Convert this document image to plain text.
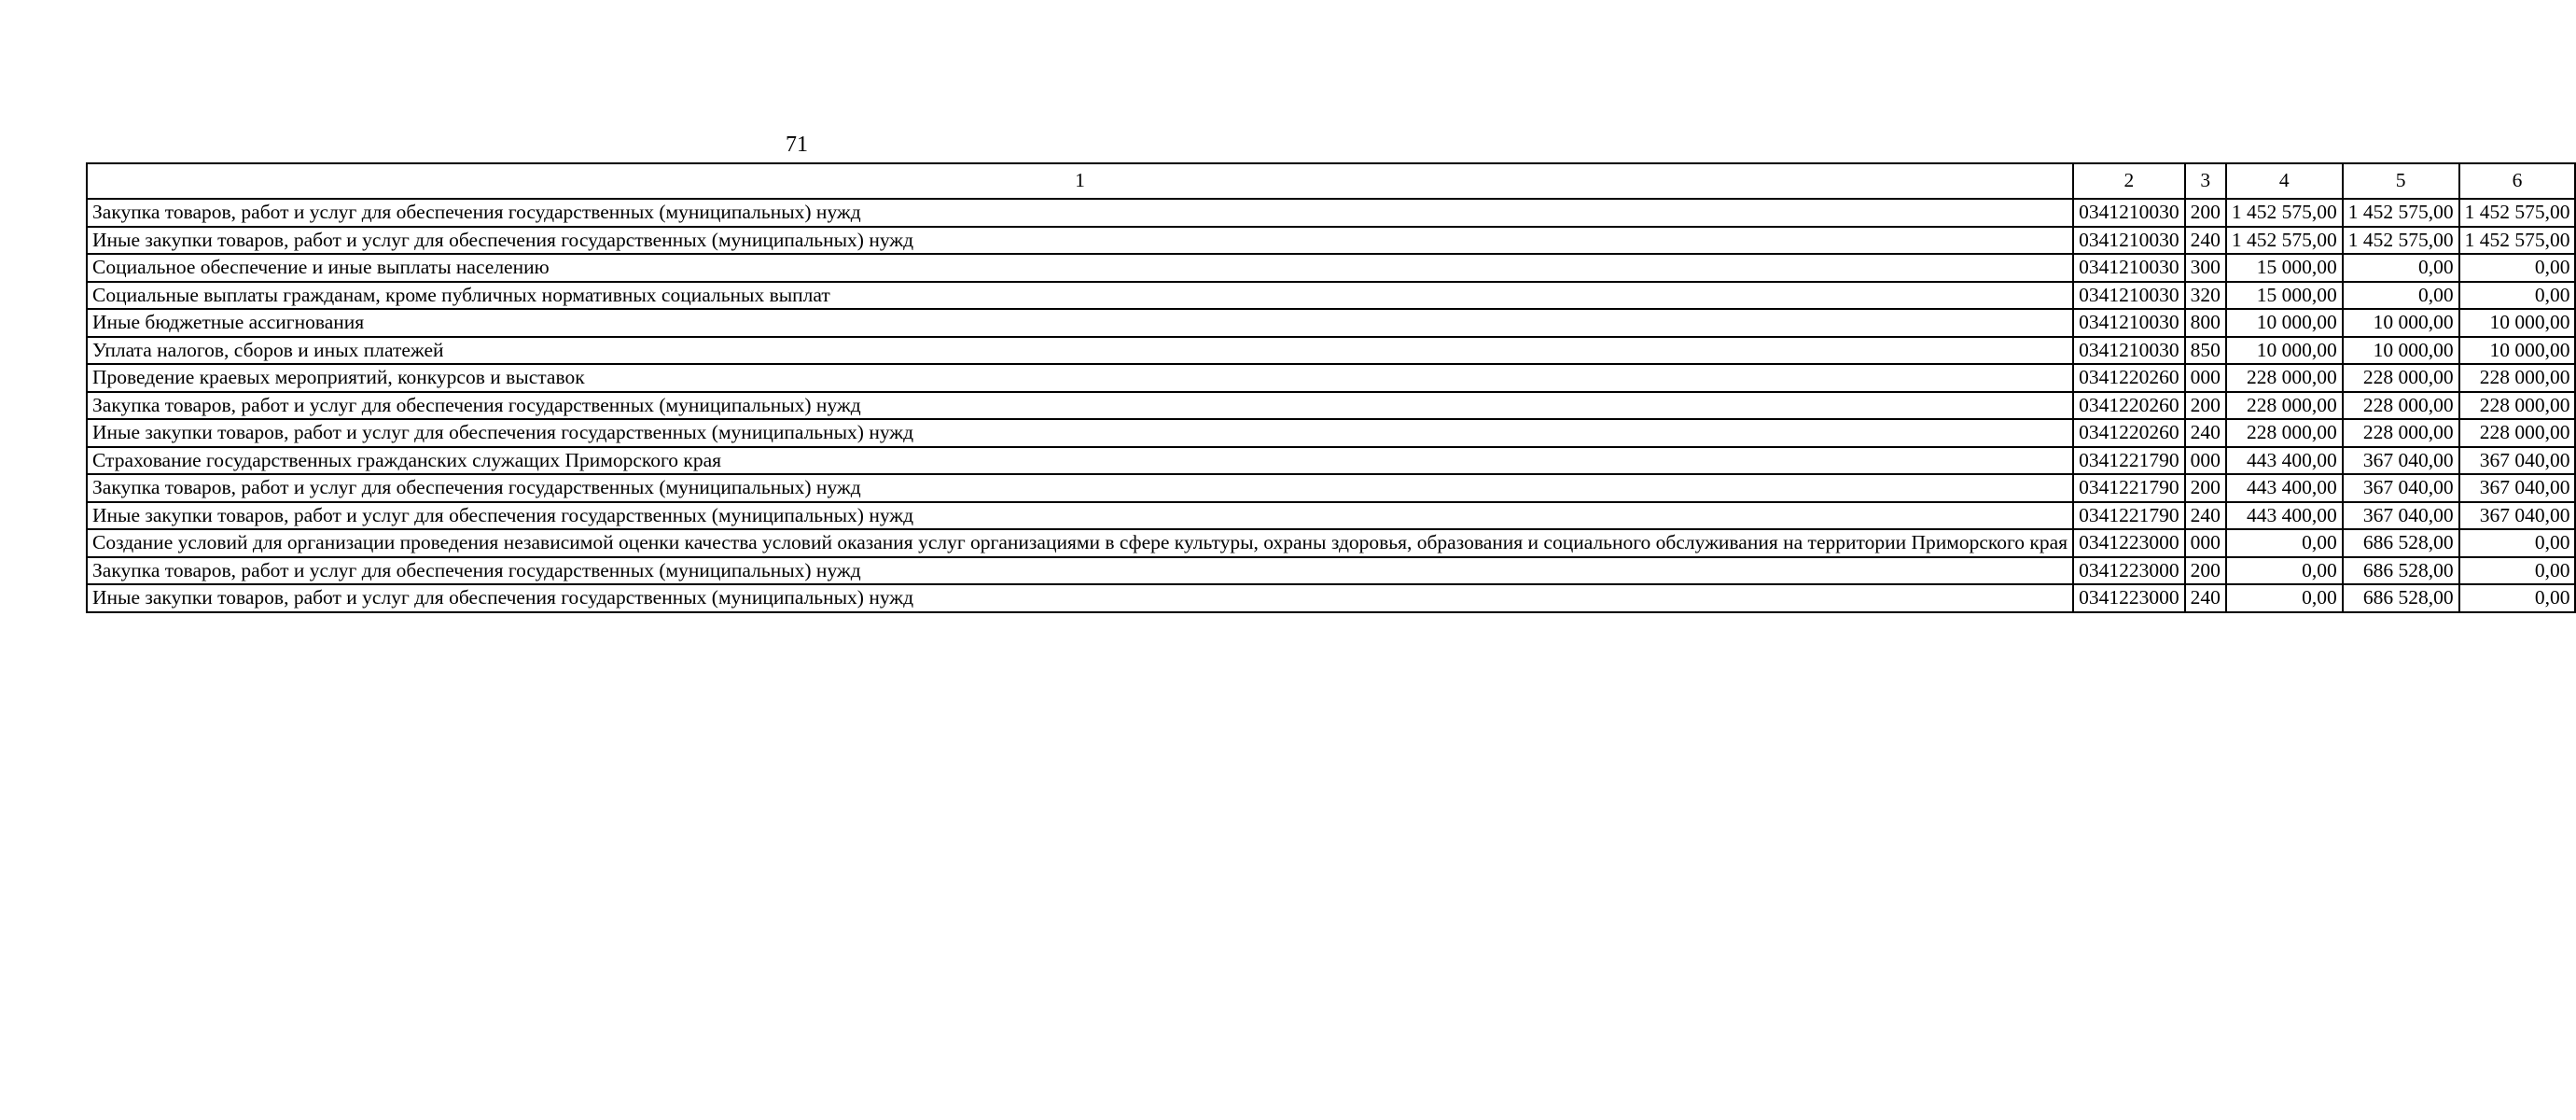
71
1	2	3	4	5	6
Закупка товаров, работ и услуг для обеспечения государственных (муниципальных) нужд	0341210030	200	1 452 575,00	1 452 575,00	1 452 575,00
Иные закупки товаров, работ и услуг для обеспечения государственных (муниципальных) нужд	0341210030	240	1 452 575,00	1 452 575,00	1 452 575,00
Социальное обеспечение и иные выплаты населению	0341210030	300	15 000,00	0,00	0,00
Социальные выплаты гражданам, кроме публичных нормативных социальных выплат	0341210030	320	15 000,00	0,00	0,00
Иные бюджетные ассигнования	0341210030	800	10 000,00	10 000,00	10 000,00
Уплата налогов, сборов и иных платежей	0341210030	850	10 000,00	10 000,00	10 000,00
Проведение краевых мероприятий, конкурсов и выставок	0341220260	000	228 000,00	228 000,00	228 000,00
Закупка товаров, работ и услуг для обеспечения государственных (муниципальных) нужд	0341220260	200	228 000,00	228 000,00	228 000,00
Иные закупки товаров, работ и услуг для обеспечения государственных (муниципальных) нужд	0341220260	240	228 000,00	228 000,00	228 000,00
Страхование государственных гражданских служащих Приморского края	0341221790	000	443 400,00	367 040,00	367 040,00
Закупка товаров, работ и услуг для обеспечения государственных (муниципальных) нужд	0341221790	200	443 400,00	367 040,00	367 040,00
Иные закупки товаров, работ и услуг для обеспечения государственных (муниципальных) нужд	0341221790	240	443 400,00	367 040,00	367 040,00
Создание условий для организации проведения независимой оценки качества условий оказания услуг организациями в сфере культуры, охраны здоровья, образования и социального обслуживания на территории Приморского края	0341223000	000	0,00	686 528,00	0,00
Закупка товаров, работ и услуг для обеспечения государственных (муниципальных) нужд	0341223000	200	0,00	686 528,00	0,00
Иные закупки товаров, работ и услуг для обеспечения государственных (муниципальных) нужд	0341223000	240	0,00	686 528,00	0,00
